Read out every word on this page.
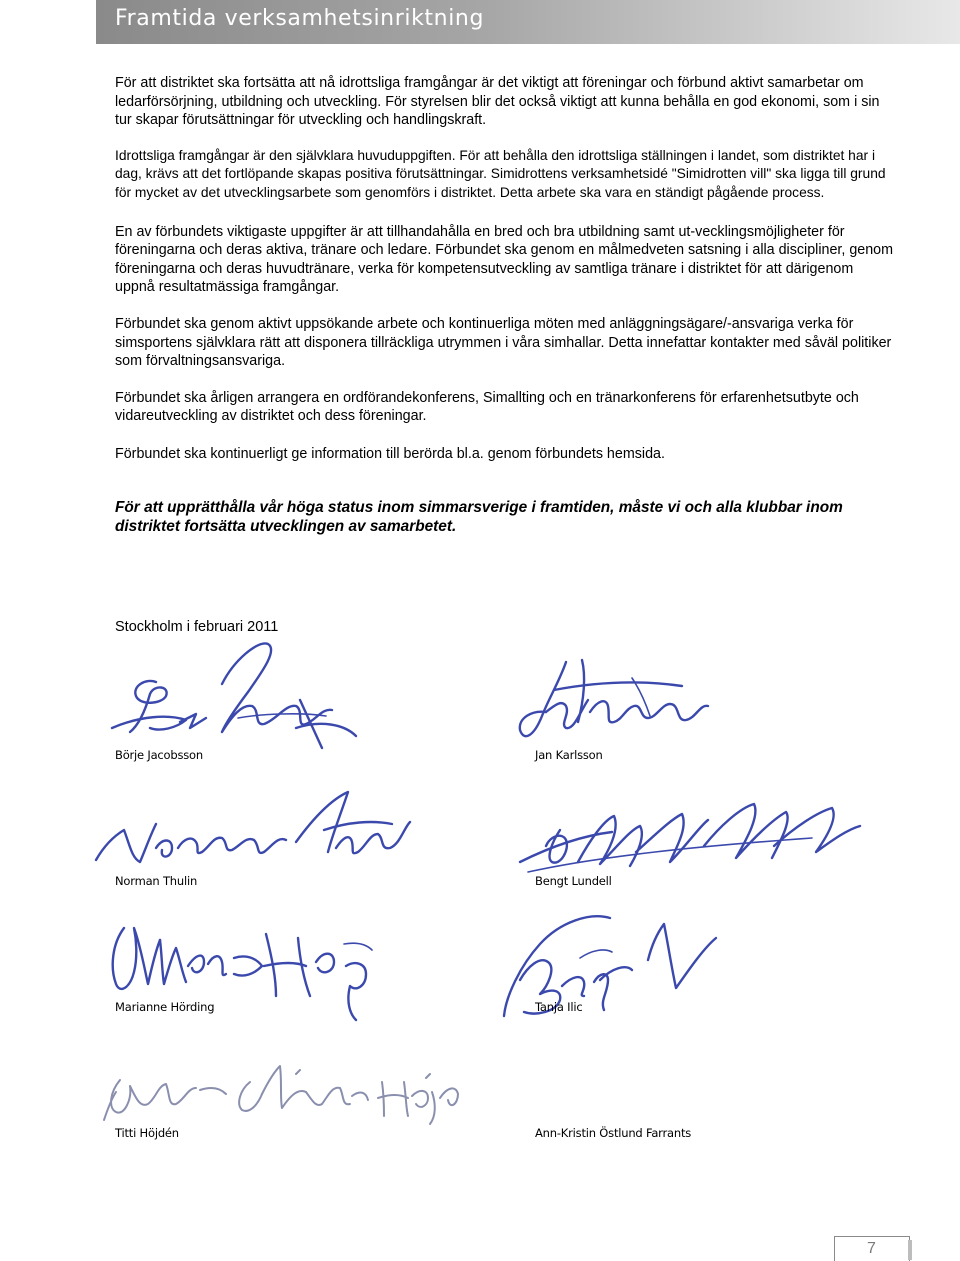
Framtida verksamhetsinriktning

För att distriktet ska fortsätta att nå idrottsliga framgångar är det viktigt att föreningar och förbund aktivt samarbetar om ledarförsörjning, utbildning och utveckling. För styrelsen blir det också viktigt att kunna behålla en god ekonomi, som i sin tur skapar förutsättningar för utveckling och handlingskraft.

Idrottsliga framgångar är den självklara huvuduppgiften. För att behålla den idrottsliga ställningen i landet, som distriktet har i dag, krävs att det fortlöpande skapas positiva förutsättningar. Simidrottens verksamhetsidé "Simidrotten vill" ska ligga till grund för mycket av det utvecklingsarbete som genomförs i distriktet. Detta arbete ska vara en ständigt pågående process.

En av förbundets viktigaste uppgifter är att tillhandahålla en bred och bra utbildning samt ut-vecklingsmöjligheter för föreningarna och deras aktiva, tränare och ledare. Förbundet ska genom en målmedveten satsning i alla discipliner, genom föreningarna och deras huvudtränare, verka för kompetensutveckling av samtliga tränare i distriktet för att därigenom uppnå resultatmässiga framgångar.

Förbundet ska genom aktivt uppsökande arbete och kontinuerliga möten med anläggningsägare/-ansvariga verka för simsportens självklara rätt att disponera tillräckliga utrymmen i våra simhallar. Detta innefattar kontakter med såväl politiker som förvaltningsansvariga.

Förbundet ska årligen arrangera en ordförandekonferens, Simallting och en tränarkonferens för erfarenhetsutbyte och vidareutveckling av distriktet och dess föreningar.

Förbundet ska kontinuerligt ge information till berörda bl.a. genom förbundets hemsida.

För att upprätthålla vår höga status inom simmarsverige i framtiden, måste vi och alla klubbar inom distriktet fortsätta utvecklingen av samarbetet.

Stockholm i februari 2011
Börje Jacobsson	Jan Karlsson
Norman Thulin	Bengt Lundell
Marianne Hörding	Tanja Ilic
Titti Höjdén	Ann-Kristin Östlund Farrants
7
